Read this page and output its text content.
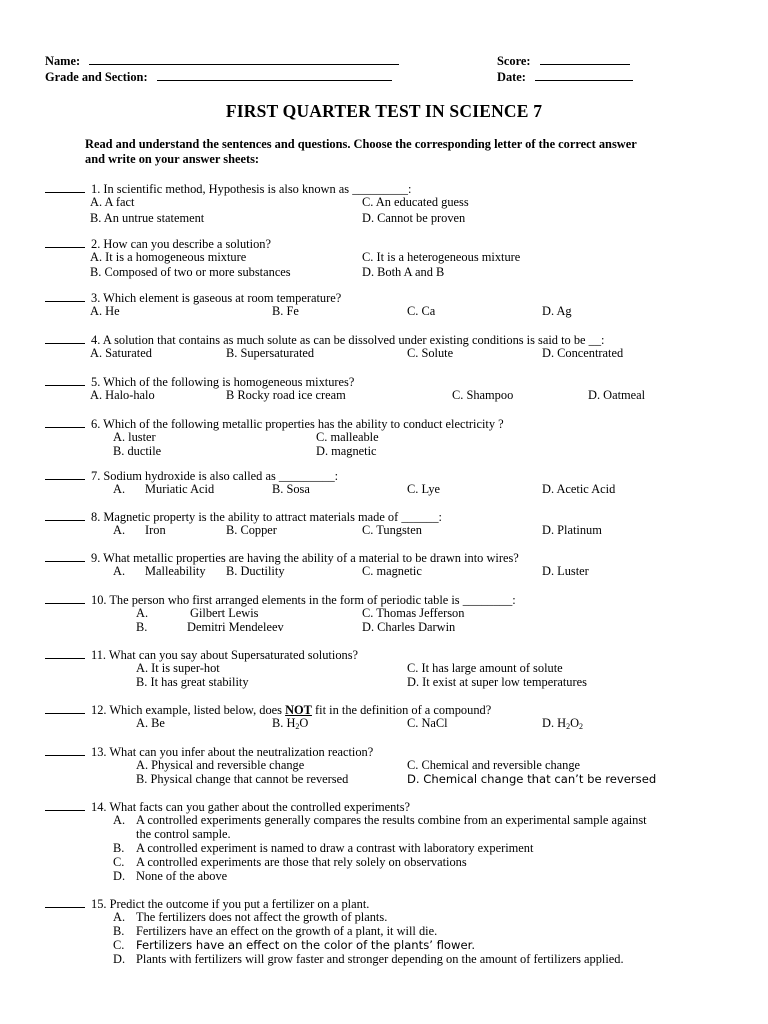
Name:
Grade and Section:
Score:
Date:
FIRST QUARTER TEST IN SCIENCE 7
Read and understand the sentences and questions. Choose the corresponding letter of the correct answer
and write on your answer sheets:
1. In scientific method, Hypothesis is also known as _________:
A. A fact	C. An educated guess
B. An untrue statement	D. Cannot be proven
2. How can you describe a solution?
A. It is a homogeneous mixture	C. It is a heterogeneous mixture
B. Composed of two or more substances	D. Both A and B
3. Which element is gaseous at room temperature?
A. He	B. Fe	C. Ca	D. Ag
4. A solution that contains as much solute as can be dissolved under existing conditions is said to be __:
A. Saturated	B. Supersaturated	C. Solute	D. Concentrated
5. Which of the following is homogeneous mixtures?
A. Halo-halo	B Rocky road ice cream	C. Shampoo	D. Oatmeal
6. Which of the following metallic properties has the ability to conduct electricity ?
A. luster	C. malleable
B. ductile	D. magnetic
7. Sodium hydroxide is also called as _________:
A. Muriatic Acid	B. Sosa	C. Lye	D. Acetic Acid
8. Magnetic property is the ability to attract materials made of ______:
A. Iron	B. Copper	C. Tungsten	D. Platinum
9. What metallic properties are having the ability of a material to be drawn into wires?
A. Malleability B. Ductility	C. magnetic	D. Luster
10. The person who first arranged elements in the form of periodic table is ________:
A.	Gilbert Lewis	C. Thomas Jefferson
B.	Demitri Mendeleev	D. Charles Darwin
11. What can you say about Supersaturated solutions?
A. It is super-hot	C. It has large amount of solute
B. It has great stability	D. It exist at super low temperatures
12. Which example, listed below, does NOT fit in the definition of a compound?
A. Be	B. $H_2O$	C. NaCl	D. $H_2O_2$
13. What can you infer about the neutralization reaction?
A. Physical and reversible change	C. Chemical and reversible change
B. Physical change that cannot be reversed	D. Chemical change that can’t be reversed
14. What facts can you gather about the controlled experiments?
A. A controlled experiments generally compares the results combine from an experimental sample against
the control sample.
B. A controlled experiment is named to draw a contrast with laboratory experiment
C. A controlled experiments are those that rely solely on observations
D. None of the above
15. Predict the outcome if you put a fertilizer on a plant.
A. The fertilizers does not affect the growth of plants.
B. Fertilizers have an effect on the growth of a plant, it will die.
C. Fertilizers have an effect on the color of the plants’ flower.
D. Plants with fertilizers will grow faster and stronger depending on the amount of fertilizers applied.
